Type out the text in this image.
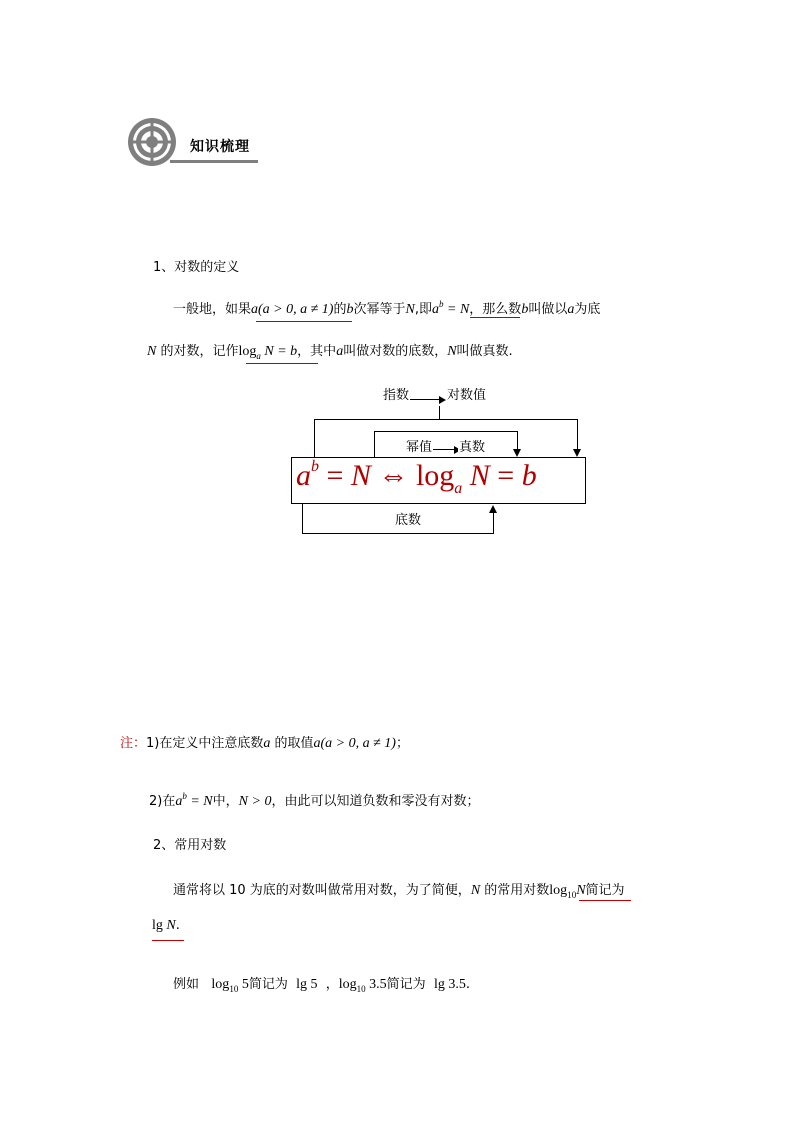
知识梳理
1、对数的定义
一般地，如果a(a > 0, a ≠ 1)的b次幂等于N,即$a^b = N$，那么数b叫做以a为底
N 的对数，记作$\log_a N = b$，其中a叫做对数的底数，N叫做真数.
指数	对数值
幂值 真数
$a^b = N$ ⇔ $\log_a N = b$
底数
注：1)在定义中注意底数a 的取值a(a > 0, a ≠ 1)；
2)在$a^b = N$中，N > 0，由此可以知道负数和零没有对数；
2、常用对数
通常将以 10 为底的对数叫做常用对数，为了简便，N 的常用对数$\log_{10}N$简记为
lg N.
例如 $\log_{10} 5$简记为 lg 5 ，$\log_{10} 3.5$简记为 lg 3.5.
